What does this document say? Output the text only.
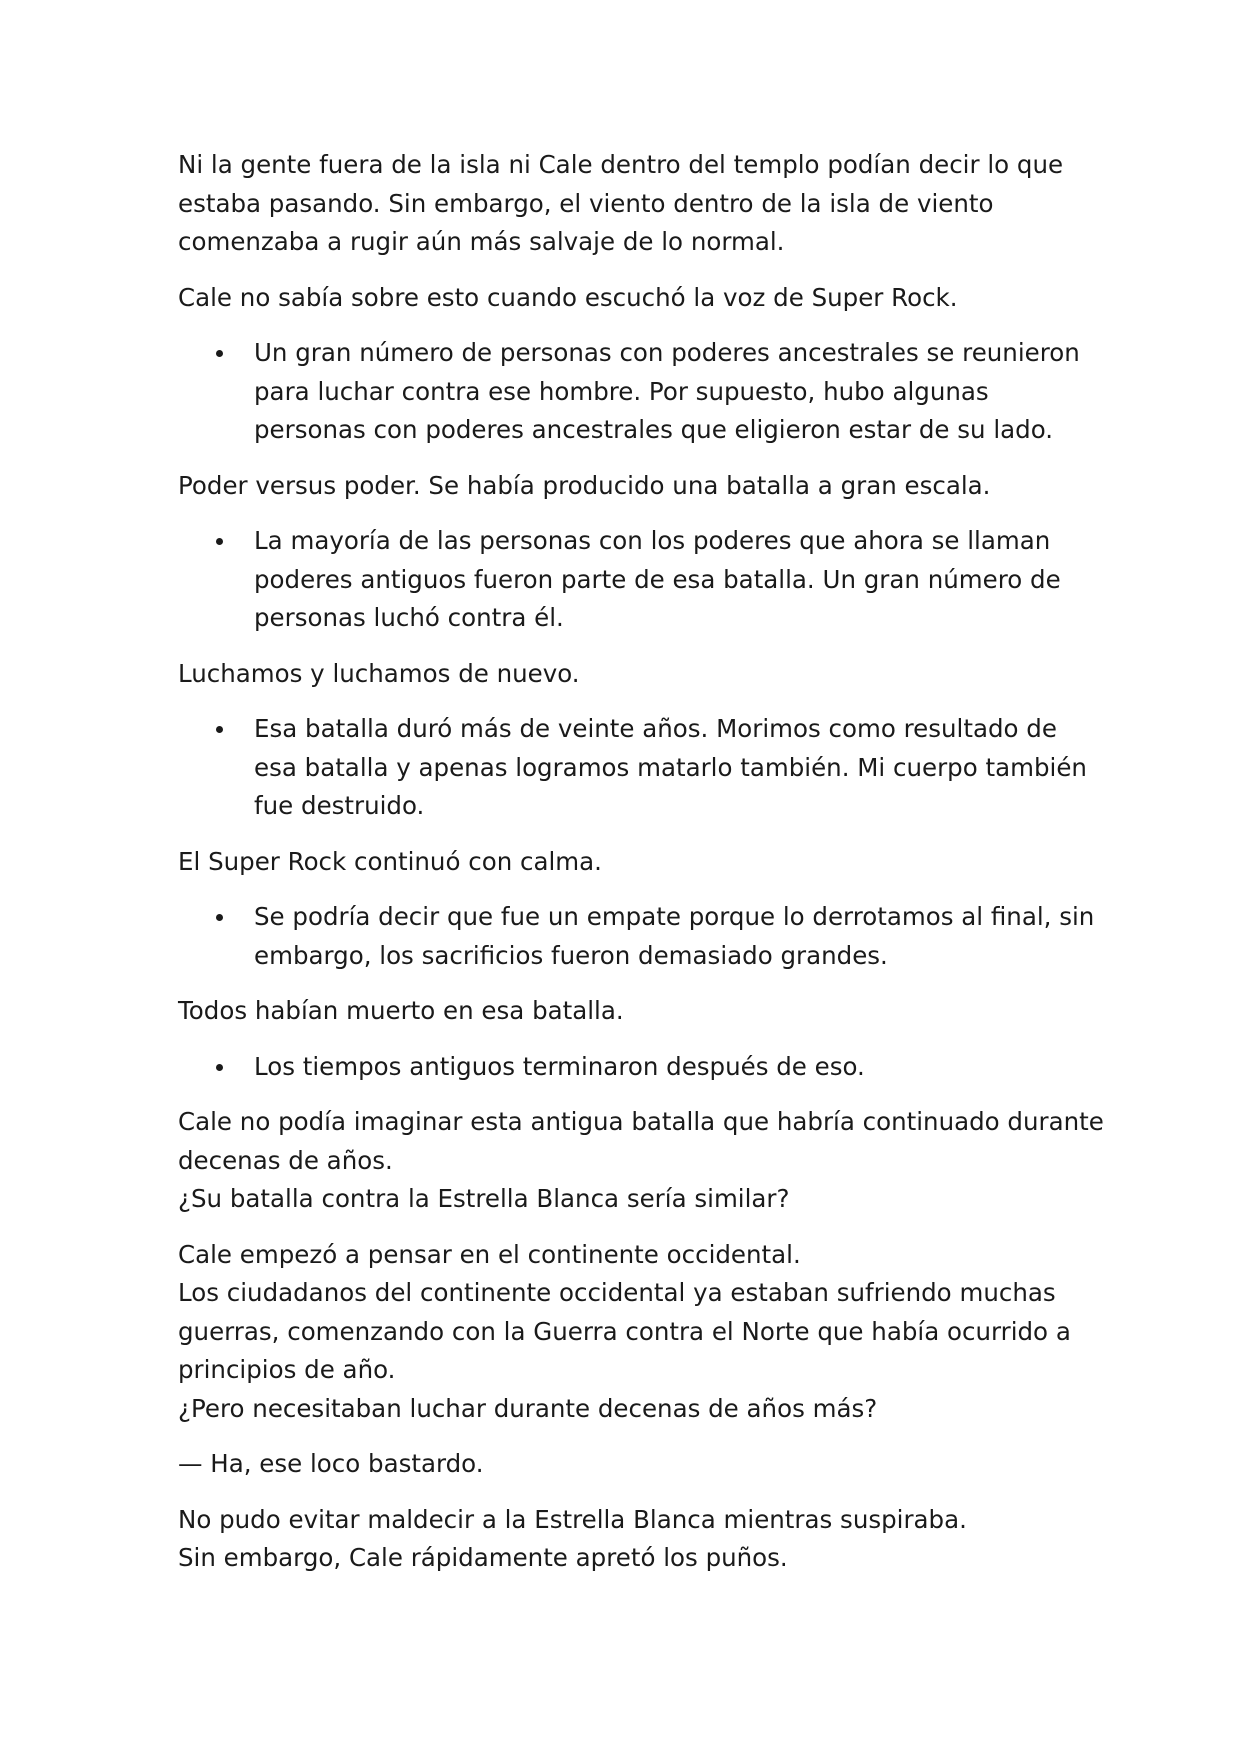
Ni la gente fuera de la isla ni Cale dentro del templo podían decir lo que
estaba pasando. Sin embargo, el viento dentro de la isla de viento
comenzaba a rugir aún más salvaje de lo normal.
Cale no sabía sobre esto cuando escuchó la voz de Super Rock.
Un gran número de personas con poderes ancestrales se reunieron
para luchar contra ese hombre. Por supuesto, hubo algunas
personas con poderes ancestrales que eligieron estar de su lado.
Poder versus poder. Se había producido una batalla a gran escala.
La mayoría de las personas con los poderes que ahora se llaman
poderes antiguos fueron parte de esa batalla. Un gran número de
personas luchó contra él.
Luchamos y luchamos de nuevo.
Esa batalla duró más de veinte años. Morimos como resultado de
esa batalla y apenas logramos matarlo también. Mi cuerpo también
fue destruido.
El Super Rock continuó con calma.
Se podría decir que fue un empate porque lo derrotamos al final, sin
embargo, los sacrificios fueron demasiado grandes.
Todos habían muerto en esa batalla.
Los tiempos antiguos terminaron después de eso.
Cale no podía imaginar esta antigua batalla que habría continuado durante
decenas de años.
¿Su batalla contra la Estrella Blanca sería similar?
Cale empezó a pensar en el continente occidental.
Los ciudadanos del continente occidental ya estaban sufriendo muchas
guerras, comenzando con la Guerra contra el Norte que había ocurrido a
principios de año.
¿Pero necesitaban luchar durante decenas de años más?
— Ha, ese loco bastardo.
No pudo evitar maldecir a la Estrella Blanca mientras suspiraba.
Sin embargo, Cale rápidamente apretó los puños.
